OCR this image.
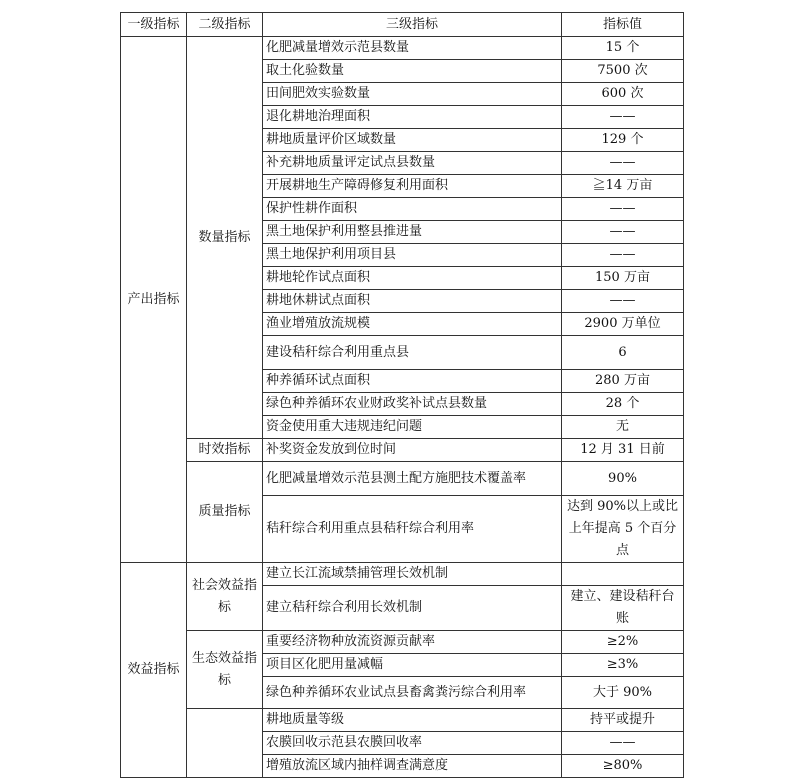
一级指标	二级指标	三级指标	指标值
产出指标	数量指标	化肥减量增效示范县数量	15 个
		取土化验数量	7500 次
		田间肥效实验数量	600 次
		退化耕地治理面积	——
		耕地质量评价区域数量	129 个
		补充耕地质量评定试点县数量	——
		开展耕地生产障碍修复利用面积	≧14 万亩
		保护性耕作面积	——
		黑土地保护利用整县推进量	——
		黑土地保护利用项目县	——
		耕地轮作试点面积	150 万亩
		耕地休耕试点面积	——
		渔业增殖放流规模	2900 万单位
		建设秸秆综合利用重点县	6
		种养循环试点面积	280 万亩
		绿色种养循环农业财政奖补试点县数量	28 个
		资金使用重大违规违纪问题	无
	时效指标	补奖资金发放到位时间	12 月 31 日前
	质量指标	化肥减量增效示范县测土配方施肥技术覆盖率	90%
		秸秆综合利用重点县秸秆综合利用率	达到 90%以上或比上年提高 5 个百分点
效益指标	社会效益指标	建立长江流域禁捕管理长效机制	
		建立秸秆综合利用长效机制	建立、建设秸秆台账
	生态效益指标	重要经济物种放流资源贡献率	≥2%
		项目区化肥用量减幅	≥3%
		绿色种养循环农业试点县畜禽粪污综合利用率	大于 90%
		耕地质量等级	持平或提升
		农膜回收示范县农膜回收率	——
		增殖放流区域内抽样调查满意度	≥80%
